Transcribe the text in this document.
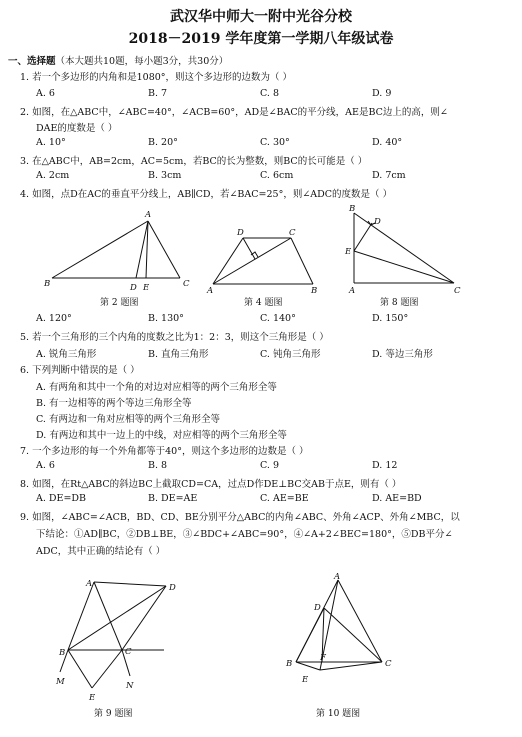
武汉华中师大一附中光谷分校
2018－2019 学年度第一学期八年级试卷
一、选择题（本大题共10题，每小题3分，共30分）
1. 若一个多边形的内角和是1080°，则这个多边形的边数为（ ）
A. 6	B. 7	C. 8	D. 9
2. 如图，在△ABC中，∠ABC=40°，∠ACB=60°，AD是∠BAC的平分线，AE是BC边上的高，则∠
DAE的度数是（ ）
A. 10°	B. 20°	C. 30°	D. 40°
3. 在△ABC中，AB=2cm，AC=5cm，若BC的长为整数，则BC的长可能是（ ）
A. 2cm	B. 3cm	C. 6cm	D. 7cm
4. 如图，点D在AC的垂直平分线上，AB∥CD，若∠BAC=25°，则∠ADC的度数是（ ）
A
B	D E	C
第 2 题图
D	C
A	B
第 4 题图
B
D
E
A	C
第 8 题图
A. 120°	B. 130°	C. 140°	D. 150°
5. 若一个三角形的三个内角的度数之比为1：2：3，则这个三角形是（ ）
A. 锐角三角形	B. 直角三角形	C. 钝角三角形	D. 等边三角形
6. 下列判断中错误的是（ ）
A. 有两角和其中一个角的对边对应相等的两个三角形全等
B. 有一边相等的两个等边三角形全等
C. 有两边和一角对应相等的两个三角形全等
D. 有两边和其中一边上的中线，对应相等的两个三角形全等
7. 一个多边形的每一个外角都等于40°，则这个多边形的边数是（ ）
A. 6	B. 8	C. 9	D. 12
8. 如图，在Rt△ABC的斜边BC上截取CD=CA，过点D作DE⊥BC交AB于点E，则有（ ）
A. DE=DB	B. DE=AE	C. AE=BE	D. AE=BD
9. 如图，∠ABC=∠ACB，BD、CD、BE分别平分△ABC的内角∠ABC、外角∠ACP、外角∠MBC，以
下结论：①AD∥BC，②DB⊥BE，③∠BDC+∠ABC=90°，④∠A+2∠BEC=180°，⑤DB平分∠
ADC，其中正确的结论有（ ）
A	D
B	C
M	N
E
第 9 题图
A
D
B
F
C
E
第 10 题图
